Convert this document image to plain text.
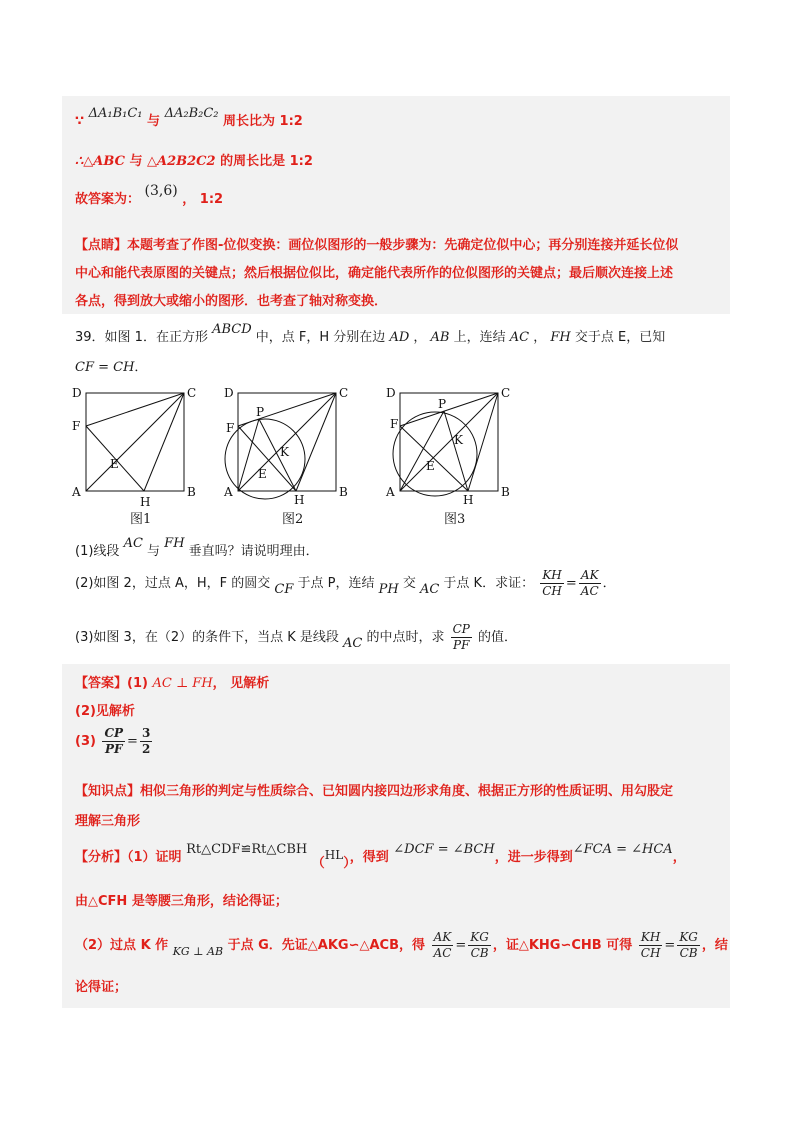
∵ ΔA₁B₁C₁ 与 ΔA₂B₂C₂ 周长比为 1:2
∴△ABC 与 △A2B2C2 的周长比是 1:2
故答案为： (3,6) ， 1:2
【点睛】本题考查了作图-位似变换：画位似图形的一般步骤为：先确定位似中心；再分别连接并延长位似
中心和能代表原图的关键点；然后根据位似比，确定能代表所作的位似图形的关键点；最后顺次连接上述
各点，得到放大或缩小的图形．也考查了轴对称变换．
39．如图 1．在正方形 ABCD 中，点 F，H 分别在边 AD ， AB 上，连结 AC ， FH 交于点 E，已知
CF = CH．
D	C
F
E
A
H
B
图1
D	C
P
F
K
E
A
H
B
图2
D	C
P
F
K
E
A
H
B
图3
(1)线段 AC 与 FH 垂直吗？请说明理由．
(2)如图 2，过点 A，H，F 的圆交 CF 于点 P，连结 PH 交 AC 于点 K．求证： $\frac{KH}{CH} = \frac{AK}{AC}$ ．
(3)如图 3，在（2）的条件下，当点 K 是线段 AC 的中点时，求 $\frac{CP}{PF}$ 的值．
【答案】(1) AC ⊥ FH， 见解析
(2)见解析
$(3) \frac{CP}{PF} = \frac{3}{2}$
【知识点】相似三角形的判定与性质综合、已知圆内接四边形求角度、根据正方形的性质证明、用勾股定
理解三角形
【分析】（1）证明 Rt△CDF≌Rt△CBH （HL），得到 ∠DCF = ∠BCH，进一步得到∠FCA = ∠HCA，
由△CFH 是等腰三角形，结论得证；
（2）过点 K 作 $_{KG \perp AB}$ 于点 G．先证△AKG∽△ACB，得 $\frac{AK}{AC} = \frac{KG}{CB}$ ，证△KHG∽CHB 可得 $\frac{KH}{CH} = \frac{KG}{CB}$ ，结
论得证；
